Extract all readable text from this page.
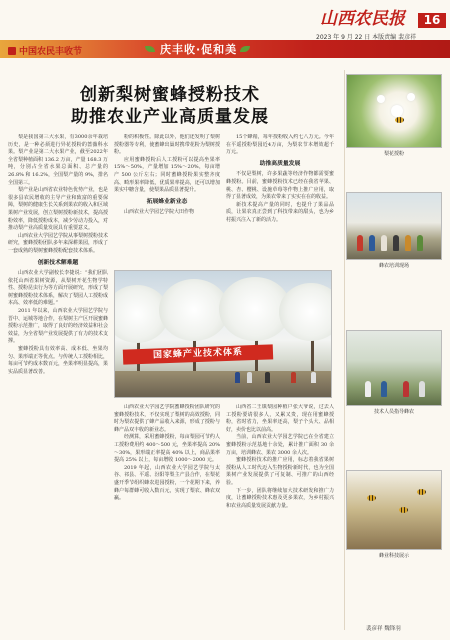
中国农民丰收节	庆丰收·促和美
山西农民报	16
2023 年 9 月 22 日 本版责编 裴彦祥
创新梨树蜜蜂授粉技术
助推农业产业高质量发展

梨是我国第三大水果，有3000余年栽培历史，是一种必须进行异花授粉的蔷薇科水果。梨产业是第二大水果产业，截至2022年全省梨种植面积 136.2 万亩，产量 168.3 万吨，分别占全省水果总面积、总产量的 26.8% 和 16.2%，全国梨产量的 9%，排名全国第三。

梨产业是山西省农业特色优势产业，也是很多县农民增收的主导产业和致富的重要保障，梨树的健康生长关系到果农的收入和区域果树产业发展，创立梨树授粉新技术，提高授粉效率，降低授粉成本，减少劳动力投入，对推动梨产业高质量发展具有重要意义。

山西农业大学园艺学院从事梨树授粉技术研究，蜜蜂授粉团队多年来深耕果园，形成了一套成熟的梨树蜜蜂授粉配套技术体系。

创新技术解难题

山西农业大学副校长李捷说：“我们团队依托山西省果树资源，从梨树开花生物学特性、授粉昆虫行为等方面开展研究，形成了梨树蜜蜂授粉技术体系，解决了梨园人工授粉成本高、效率低的难题。”

2011 年以来，山西农业大学园艺学院与晋中、运城等地合作，在梨树主产区开展蜜蜂授粉示范推广，取得了良好的经济效益和社会效益，为全省梨产业发展提供了有力的技术支撑。

蜜蜂授粉具有效率高、成本低、坐果均匀、果形端正等优点。与传统人工授粉相比，每亩可节约成本数百元，坐果率明显提高，果实品质显著改善。

粉的积极性。除此以外，他们还发明了梨树授粉器等专利，使蜜蜂出巢时携带花粉为梨树授粉。

应用蜜蜂授粉后人工授粉可以提高坐果率 15%～50%，产量增加 15%～20%，每亩增产 500 公斤左右；同时蜜蜂授粉果实整齐度高、畸形果率降低，优质果率提高，还可以增加果实中糖含量，使梨果品质显著提升。

拓展蜂业新业态

山西农业大学园艺学院大田作物

15个蜂箱，每年授粉收入约七八万元。今年在平遥授粉梨园近4万亩，为梨农节本增效超千万元。

助推高质量发展

不仅是梨树，许多果蔬等经济作物都需要蜜蜂授粉。目前，蜜蜂授粉技术已经在我省苹果、桃、杏、樱桃、设施草莓等作物上推广应用，取得了显著成效，为果农带来了实实在在的收益。

新技术提高产量的同时，也提升了果品品质，让果农真正尝到了科技带来的甜头，也为乡村振兴注入了新的活力。

国家蜂产业技术体系

山西农业大学园艺学院蜜蜂授粉团队研究的蜜蜂授粉技术，不仅实现了梨树的高效授粉，同时为梨农提供了蜂产品收入来源，形成了授粉与蜂产品双丰收的新业态。

经测算，采用蜜蜂授粉，每亩梨园可节约人工授粉费用约 400～500 元，坐果率提高 20%～30%，果形端正率提高 40% 以上，商品果率提高 25% 以上，每亩增收 1000～2000 元。

2019 年起，山西农业大学园艺学院与太谷、祁县、平遥、汾阳等梨主产县合作，在梨花盛开季节组织蜂农进园授粉，一个花期下来，养蜂户每群蜂可收入数百元，实现了梨农、蜂农双赢。

山西省二王镇梨园种植户张大爷说，过去人工授粉要请很多人，又累又贵，现在用蜜蜂授粉，省时省力，坐果率还高，梨子个头大、品相好，卖价也比以前高。

当前，山西农业大学园艺学院已在全省建立蜜蜂授粉示范基地十余处，累计推广面积 30 余万亩，培训蜂农、果农 3000 余人次。

蜜蜂授粉技术的推广应用，标志着我省果树授粉从人工时代迈入生物授粉新时代，也为全国果树产业发展提供了可复制、可推广的山西经验。

下一步，团队将继续加大技术研发和推广力度，让蜜蜂授粉技术惠及更多果农，为乡村振兴和农业高质量发展贡献力量。

梨花授粉
蜂农培训现场
技术人员指导蜂农
蜂业科技展示
裴彦祥 魏锋羽
